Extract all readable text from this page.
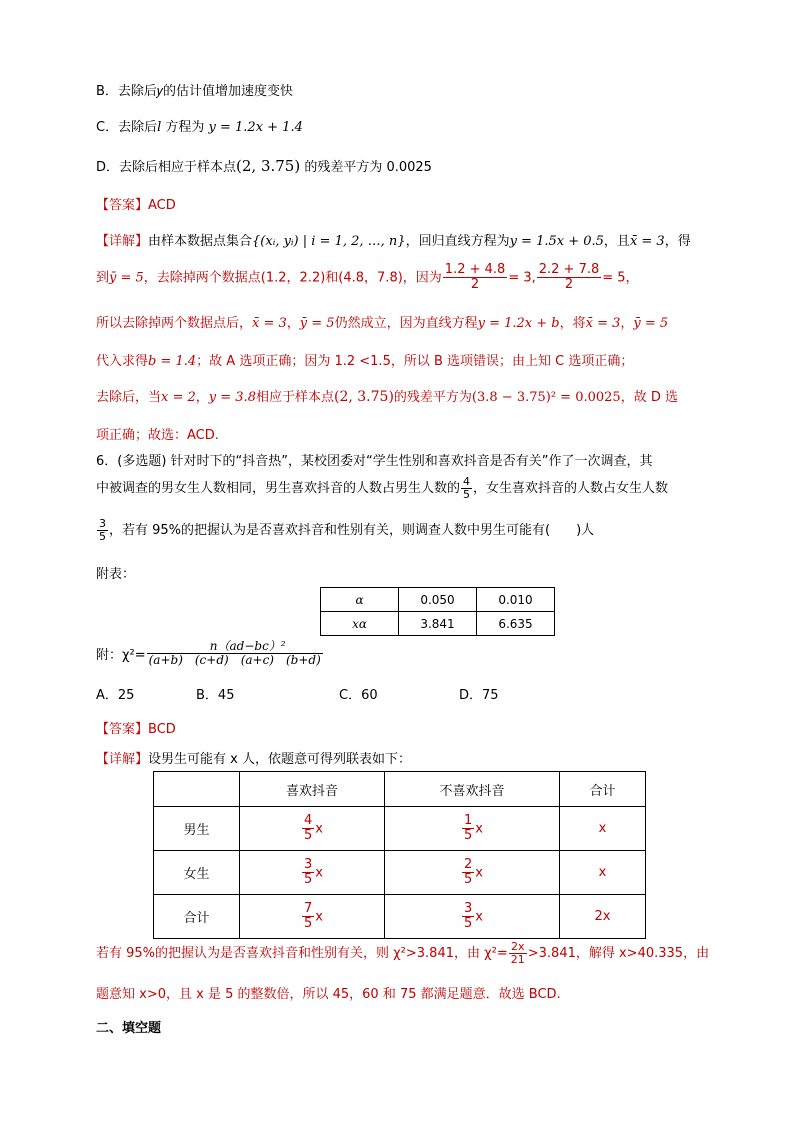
B．去除后𝑦的估计值增加速度变快
C．去除后l 方程为 y = 1.2x + 1.4
D．去除后相应于样本点(2, 3.75) 的残差平方为 0.0025
【答案】ACD
【详解】由样本数据点集合{(xᵢ, yᵢ) | i = 1, 2, …, n}，回归直线方程为y = 1.5x + 0.5，且x̄ = 3，得
到ȳ = 5，去除掉两个数据点(1.2，2.2)和(4.8，7.8)，因为 $\frac{1.2 + 4.8}{2} = 3$, $\frac{2.2 + 7.8}{2} = 5$，
所以去除掉两个数据点后，x̄ = 3，ȳ = 5仍然成立，因为直线方程y = 1.2x + b，将x̄ = 3，ȳ = 5
代入求得b = 1.4；故 A 选项正确；因为 1.2 <1.5，所以 B 选项错误；由上知 C 选项正确；
去除后，当x = 2，y = 3.8相应于样本点(2, 3.75)的残差平方为(3.8 − 3.75)² = 0.0025，故 D 选
项正确；故选：ACD.
6．(多选题) 针对时下的“抖音热”，某校团委对“学生性别和喜欢抖音是否有关”作了一次调查，其
中被调查的男女生人数相同，男生喜欢抖音的人数占男生人数的 $\frac{4}{5}$ ，女生喜欢抖音的人数占女生人数
$\frac{3}{5}$ ，若有 95%的把握认为是否喜欢抖音和性别有关，则调查人数中男生可能有(　　)人
附表：
α	0.050	0.010
xα	3.841	6.635
附：$\chi^2= \frac{\text{n（ad−bc）²}}{(a+b) (c+d) (a+c) (b+d)}$
A．25	B．45	C．60	D．75
【答案】BCD
【详解】设男生可能有 x 人，依题意可得列联表如下：
	喜欢抖音	不喜欢抖音	合计
男生	$\frac{4}{5}$ x	$\frac{1}{5}$ x	x
女生	$\frac{3}{5}$ x	$\frac{2}{5}$ x	x
合计	$\frac{7}{5}$ x	$\frac{3}{5}$ x	2x
若有 95%的把握认为是否喜欢抖音和性别有关，则 χ²>3.841，由 $\chi^2= \frac{2x}{21} >3.841$，解得 x>40.335，由
题意知 x>0，且 x 是 5 的整数倍，所以 45，60 和 75 都满足题意．故选 BCD.
二、填空题
